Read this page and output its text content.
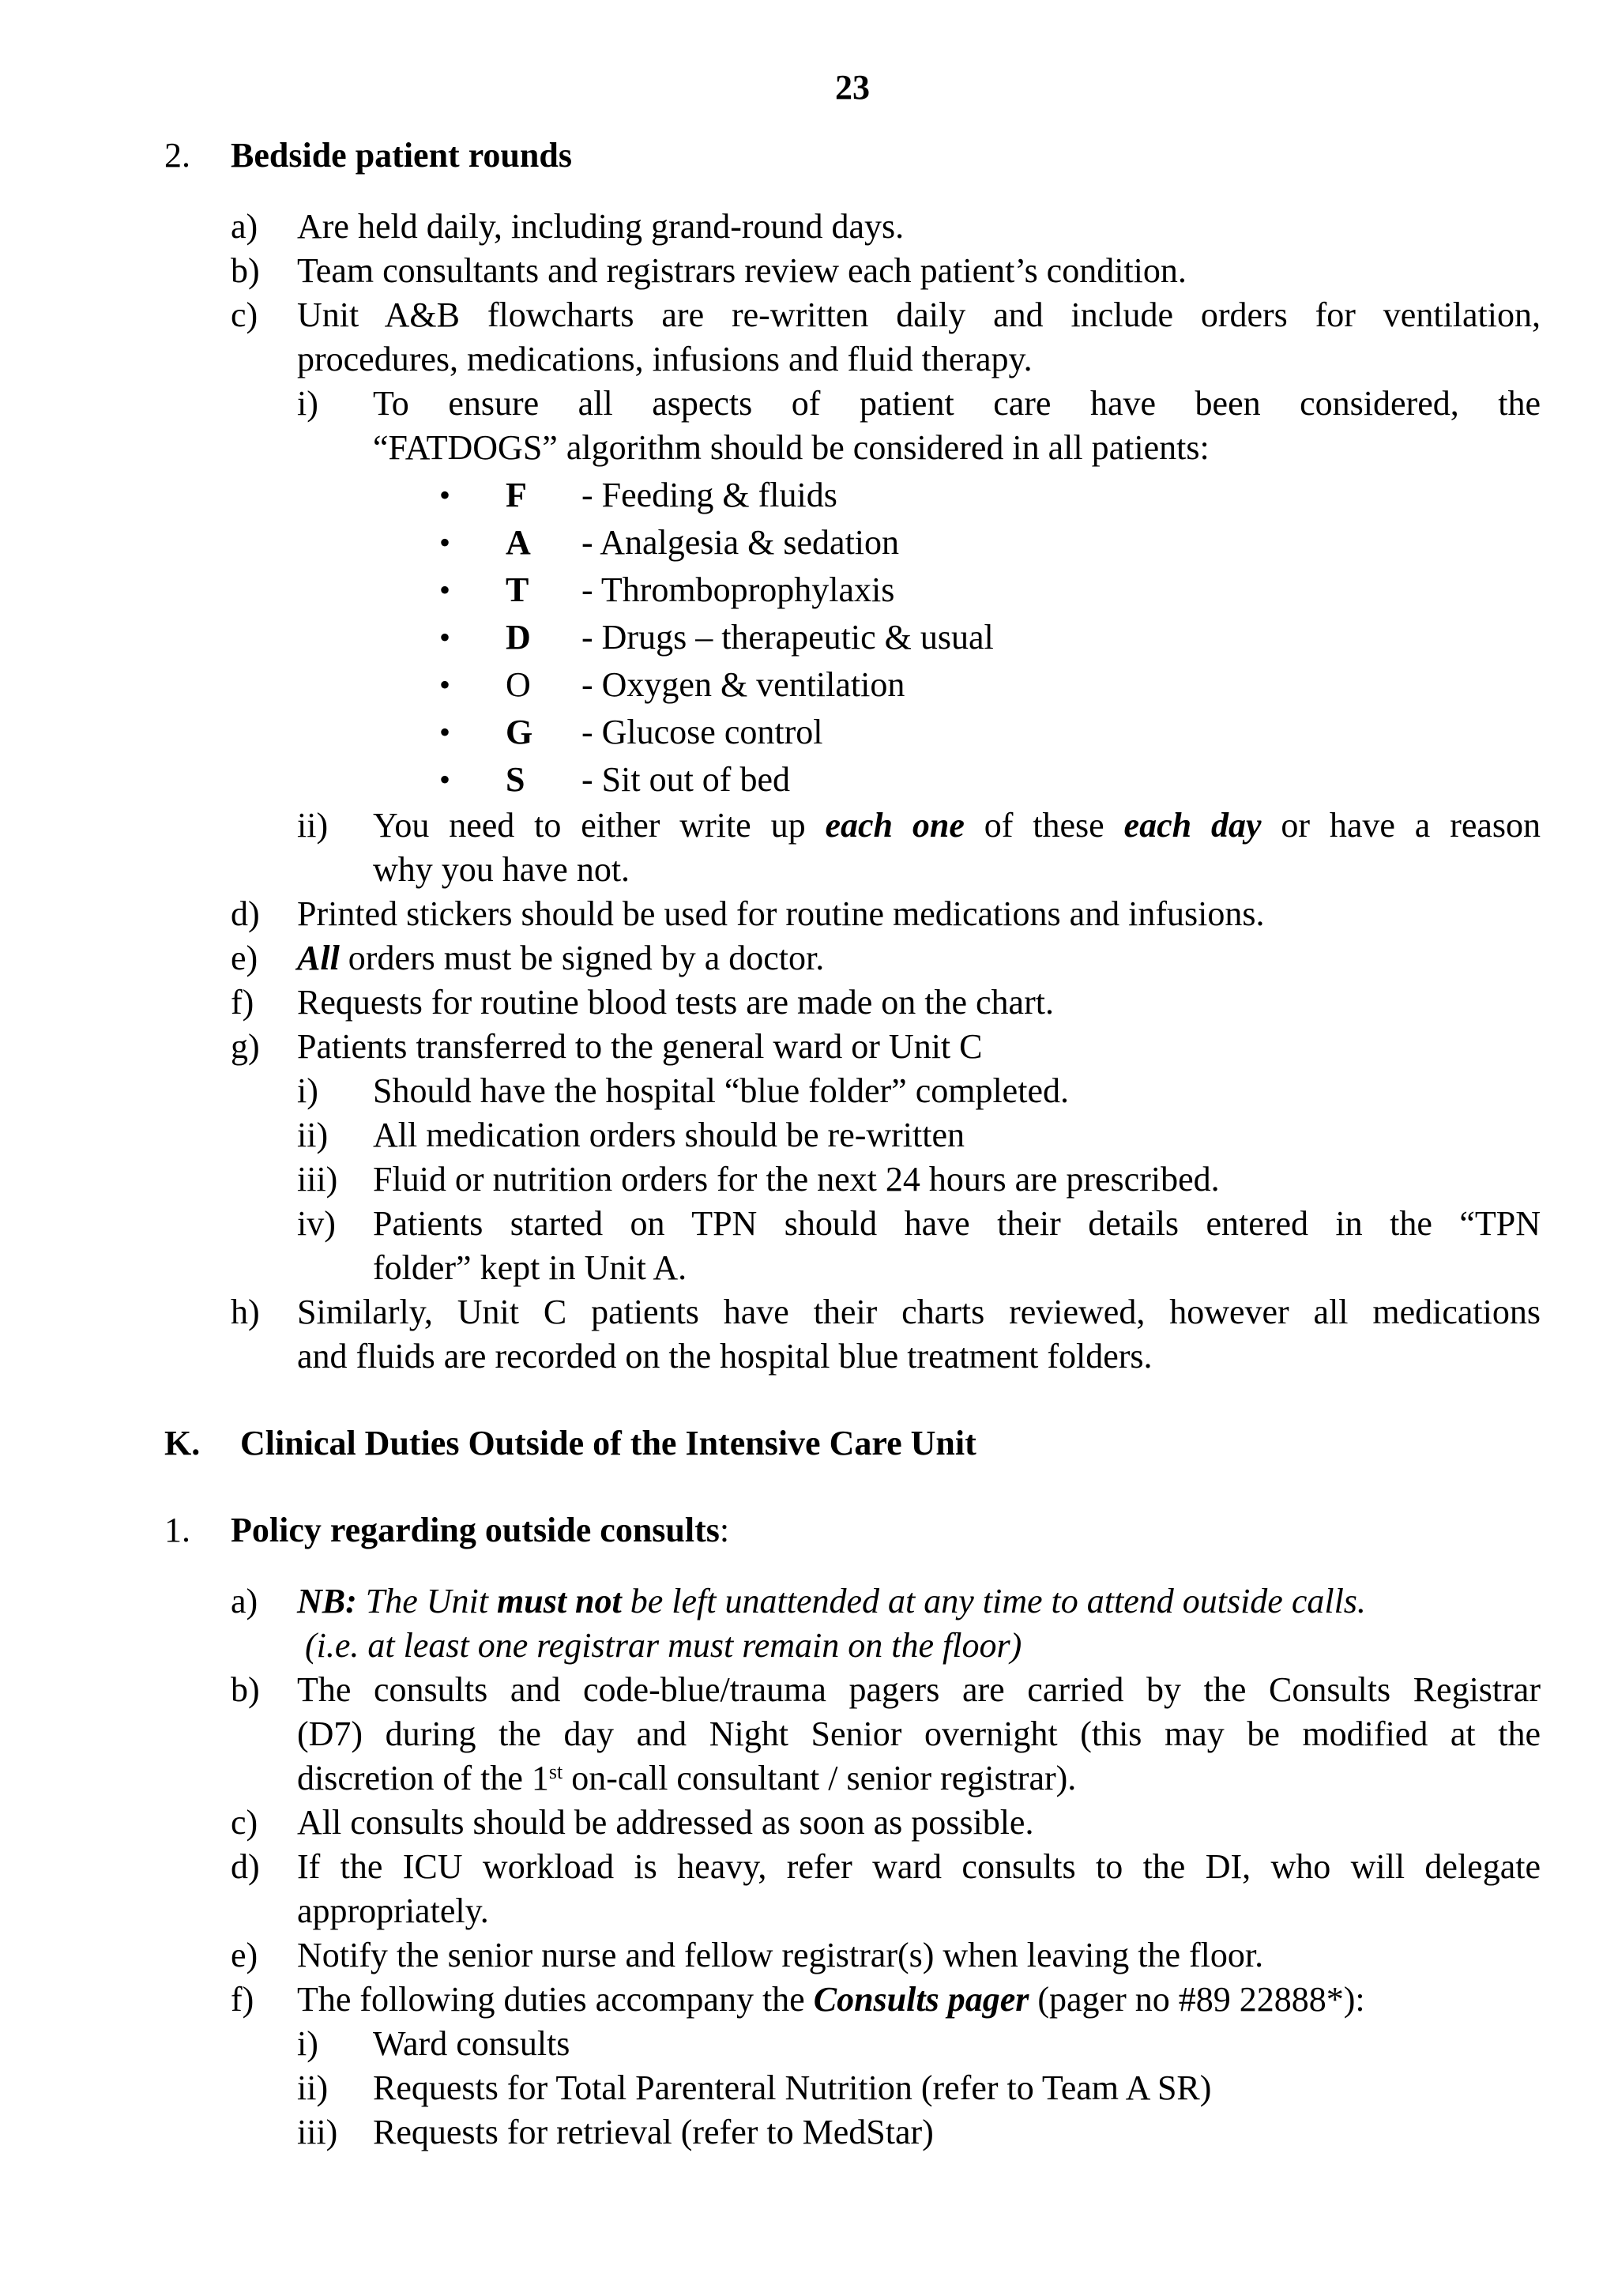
23
2. Bedside patient rounds
a) Are held daily, including grand-round days.
b) Team consultants and registrars review each patient’s condition.
c) Unit A&B flowcharts are re-written daily and include orders for ventilation,
procedures, medications, infusions and fluid therapy.
i) To ensure all aspects of patient care have been considered, the
“FATDOGS” algorithm should be considered in all patients:
• F - Feeding & fluids
• A - Analgesia & sedation
• T - Thromboprophylaxis
• D - Drugs – therapeutic & usual
• O - Oxygen & ventilation
• G - Glucose control
• S - Sit out of bed
ii) You need to either write up each one of these each day or have a reason
why you have not.
d) Printed stickers should be used for routine medications and infusions.
e) All orders must be signed by a doctor.
f) Requests for routine blood tests are made on the chart.
g) Patients transferred to the general ward or Unit C
i) Should have the hospital “blue folder” completed.
ii) All medication orders should be re-written
iii) Fluid or nutrition orders for the next 24 hours are prescribed.
iv) Patients started on TPN should have their details entered in the “TPN
folder” kept in Unit A.
h) Similarly, Unit C patients have their charts reviewed, however all medications
and fluids are recorded on the hospital blue treatment folders.
K. Clinical Duties Outside of the Intensive Care Unit
1. Policy regarding outside consults:
a) NB: The Unit must not be left unattended at any time to attend outside calls.
(i.e. at least one registrar must remain on the floor)
b) The consults and code-blue/trauma pagers are carried by the Consults Registrar
(D7) during the day and Night Senior overnight (this may be modified at the
discretion of the 1st on-call consultant / senior registrar).
c) All consults should be addressed as soon as possible.
d) If the ICU workload is heavy, refer ward consults to the DI, who will delegate
appropriately.
e) Notify the senior nurse and fellow registrar(s) when leaving the floor.
f) The following duties accompany the Consults pager (pager no #89 22888*):
i) Ward consults
ii) Requests for Total Parenteral Nutrition (refer to Team A SR)
iii) Requests for retrieval (refer to MedStar)
